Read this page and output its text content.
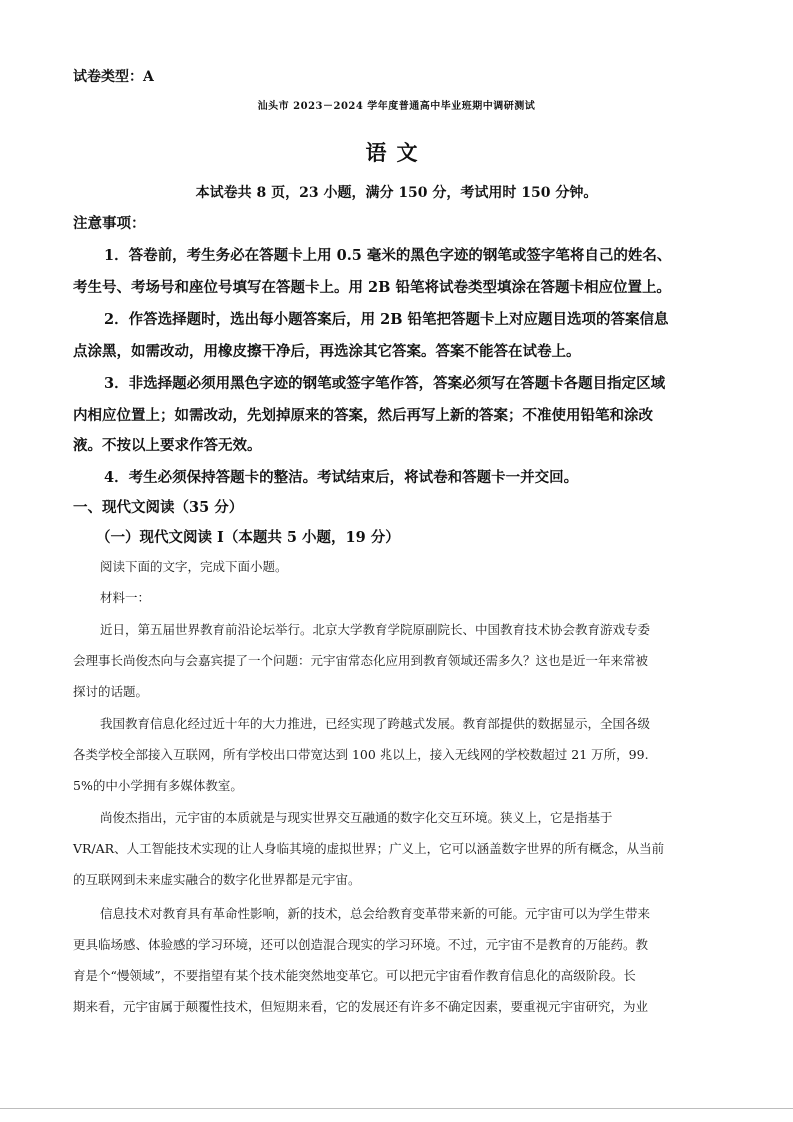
试卷类型：A
汕头市 2023－2024 学年度普通高中毕业班期中调研测试
语文
本试卷共 8 页，23 小题，满分 150 分，考试用时 150 分钟。
注意事项：
1．答卷前，考生务必在答题卡上用 0.5 毫米的黑色字迹的钢笔或签字笔将自己的姓名、
考生号、考场号和座位号填写在答题卡上。用 2B 铅笔将试卷类型填涂在答题卡相应位置上。
2．作答选择题时，选出每小题答案后，用 2B 铅笔把答题卡上对应题目选项的答案信息
点涂黑，如需改动，用橡皮擦干净后，再选涂其它答案。答案不能答在试卷上。
3．非选择题必须用黑色字迹的钢笔或签字笔作答，答案必须写在答题卡各题目指定区域
内相应位置上；如需改动，先划掉原来的答案，然后再写上新的答案；不准使用铅笔和涂改
液。不按以上要求作答无效。
4．考生必须保持答题卡的整洁。考试结束后，将试卷和答题卡一并交回。
一、现代文阅读（35 分）
（一）现代文阅读 I（本题共 5 小题，19 分）
阅读下面的文字，完成下面小题。
材料一：
近日，第五届世界教育前沿论坛举行。北京大学教育学院原副院长、中国教育技术协会教育游戏专委
会理事长尚俊杰向与会嘉宾提了一个问题：元宇宙常态化应用到教育领域还需多久？这也是近一年来常被
探讨的话题。
我国教育信息化经过近十年的大力推进，已经实现了跨越式发展。教育部提供的数据显示，全国各级
各类学校全部接入互联网，所有学校出口带宽达到 100 兆以上，接入无线网的学校数超过 21 万所，99.
5%的中小学拥有多媒体教室。
尚俊杰指出，元宇宙的本质就是与现实世界交互融通的数字化交互环境。狭义上，它是指基于
VR/AR、人工智能技术实现的让人身临其境的虚拟世界；广义上，它可以涵盖数字世界的所有概念，从当前
的互联网到未来虚实融合的数字化世界都是元宇宙。
信息技术对教育具有革命性影响，新的技术，总会给教育变革带来新的可能。元宇宙可以为学生带来
更具临场感、体验感的学习环境，还可以创造混合现实的学习环境。不过，元宇宙不是教育的万能药。教
育是个“慢领域”，不要指望有某个技术能突然地变革它。可以把元宇宙看作教育信息化的高级阶段。长
期来看，元宇宙属于颠覆性技术，但短期来看，它的发展还有许多不确定因素，要重视元宇宙研究，为业
